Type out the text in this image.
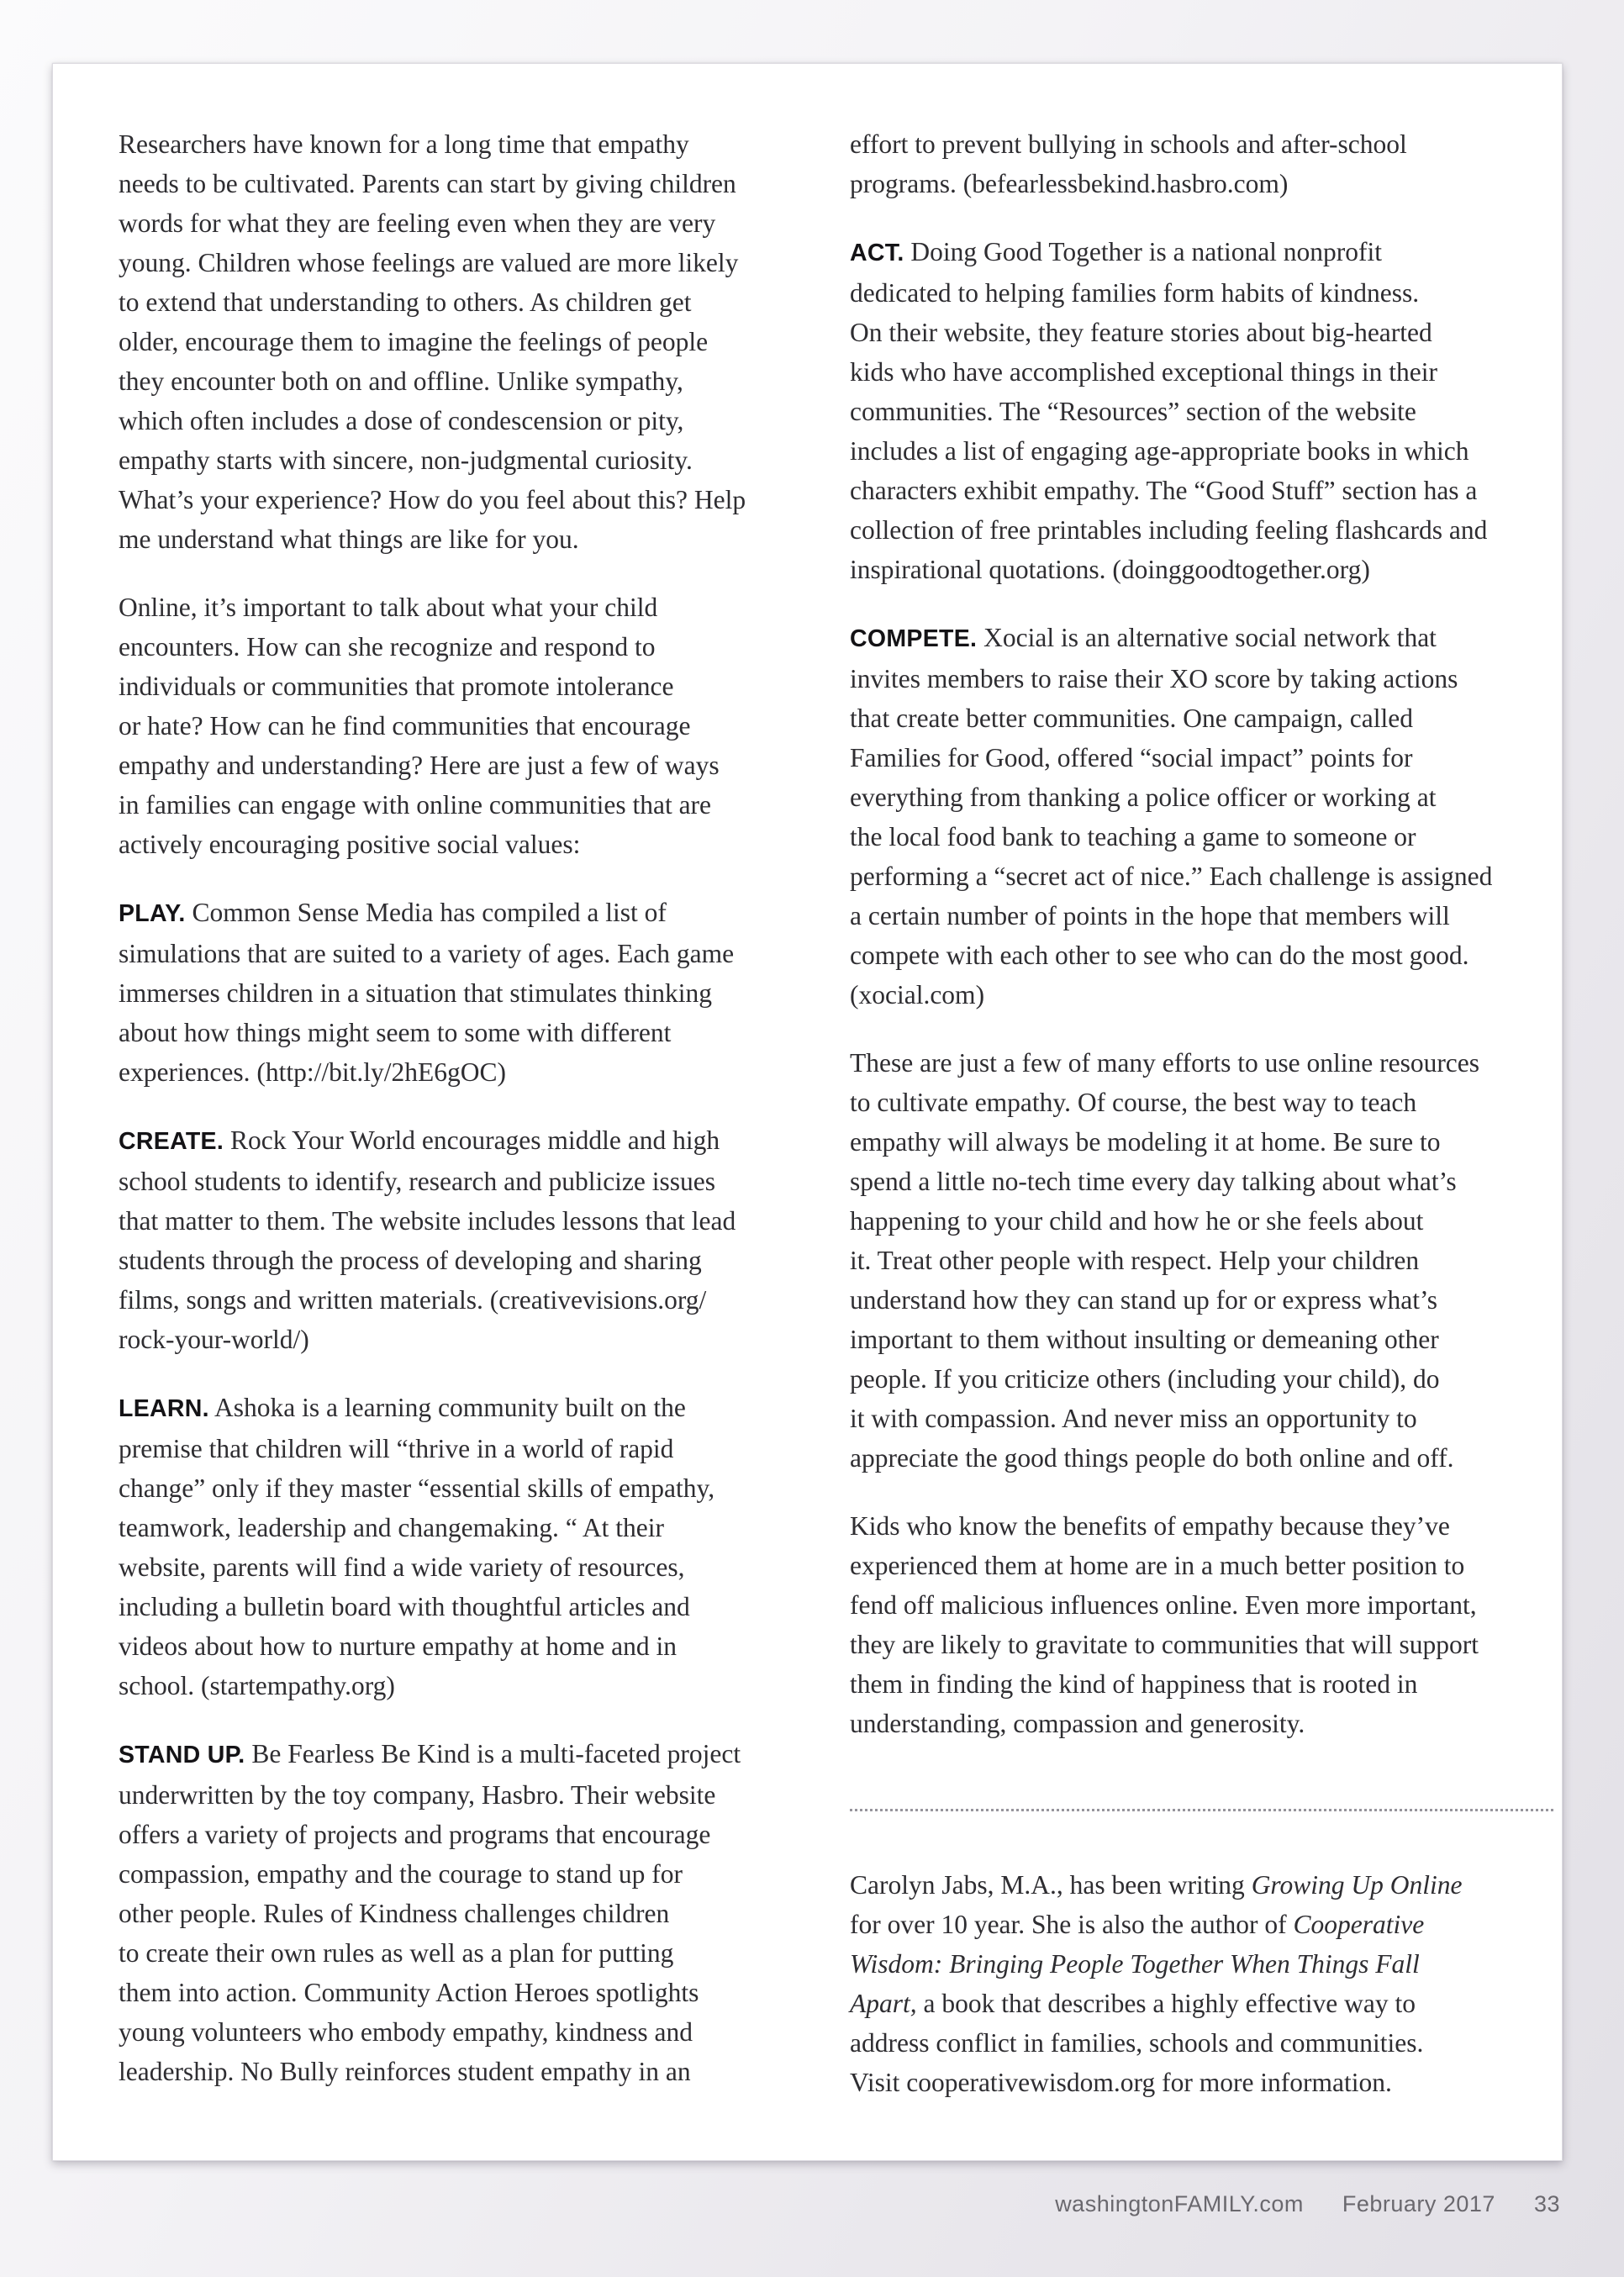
Researchers have known for a long time that empathy
needs to be cultivated. Parents can start by giving children
words for what they are feeling even when they are very
young. Children whose feelings are valued are more likely
to extend that understanding to others. As children get
older, encourage them to imagine the feelings of people
they encounter both on and offline. Unlike sympathy,
which often includes a dose of condescension or pity,
empathy starts with sincere, non-judgmental curiosity.
What’s your experience? How do you feel about this? Help
me understand what things are like for you.

Online, it’s important to talk about what your child
encounters. How can she recognize and respond to
individuals or communities that promote intolerance
or hate? How can he find communities that encourage
empathy and understanding? Here are just a few of ways
in families can engage with online communities that are
actively encouraging positive social values:

PLAY. Common Sense Media has compiled a list of
simulations that are suited to a variety of ages. Each game
immerses children in a situation that stimulates thinking
about how things might seem to some with different
experiences. (http://bit.ly/2hE6gOC)

CREATE. Rock Your World encourages middle and high
school students to identify, research and publicize issues
that matter to them. The website includes lessons that lead
students through the process of developing and sharing
films, songs and written materials. (creativevisions.org/
rock-your-world/)

LEARN. Ashoka is a learning community built on the
premise that children will “thrive in a world of rapid
change” only if they master “essential skills of empathy,
teamwork, leadership and changemaking. “ At their
website, parents will find a wide variety of resources,
including a bulletin board with thoughtful articles and
videos about how to nurture empathy at home and in
school. (startempathy.org)

STAND UP. Be Fearless Be Kind is a multi-faceted project
underwritten by the toy company, Hasbro. Their website
offers a variety of projects and programs that encourage
compassion, empathy and the courage to stand up for
other people. Rules of Kindness challenges children
to create their own rules as well as a plan for putting
them into action. Community Action Heroes spotlights
young volunteers who embody empathy, kindness and
leadership. No Bully reinforces student empathy in an

effort to prevent bullying in schools and after-school
programs. (befearlessbekind.hasbro.com)

ACT. Doing Good Together is a national nonprofit
dedicated to helping families form habits of kindness.
On their website, they feature stories about big-hearted
kids who have accomplished exceptional things in their
communities. The “Resources” section of the website
includes a list of engaging age-appropriate books in which
characters exhibit empathy. The “Good Stuff” section has a
collection of free printables including feeling flashcards and
inspirational quotations. (doinggoodtogether.org)

COMPETE. Xocial is an alternative social network that
invites members to raise their XO score by taking actions
that create better communities. One campaign, called
Families for Good, offered “social impact” points for
everything from thanking a police officer or working at
the local food bank to teaching a game to someone or
performing a “secret act of nice.” Each challenge is assigned
a certain number of points in the hope that members will
compete with each other to see who can do the most good.
(xocial.com)

These are just a few of many efforts to use online resources
to cultivate empathy. Of course, the best way to teach
empathy will always be modeling it at home. Be sure to
spend a little no-tech time every day talking about what’s
happening to your child and how he or she feels about
it. Treat other people with respect. Help your children
understand how they can stand up for or express what’s
important to them without insulting or demeaning other
people. If you criticize others (including your child), do
it with compassion. And never miss an opportunity to
appreciate the good things people do both online and off.

Kids who know the benefits of empathy because they’ve
experienced them at home are in a much better position to
fend off malicious influences online. Even more important,
they are likely to gravitate to communities that will support
them in finding the kind of happiness that is rooted in
understanding, compassion and generosity.

Carolyn Jabs, M.A., has been writing Growing Up Online
for over 10 year. She is also the author of Cooperative
Wisdom: Bringing People Together When Things Fall
Apart, a book that describes a highly effective way to
address conflict in families, schools and communities.
Visit cooperativewisdom.org for more information.

washingtonFAMILY.com February 2017 33
